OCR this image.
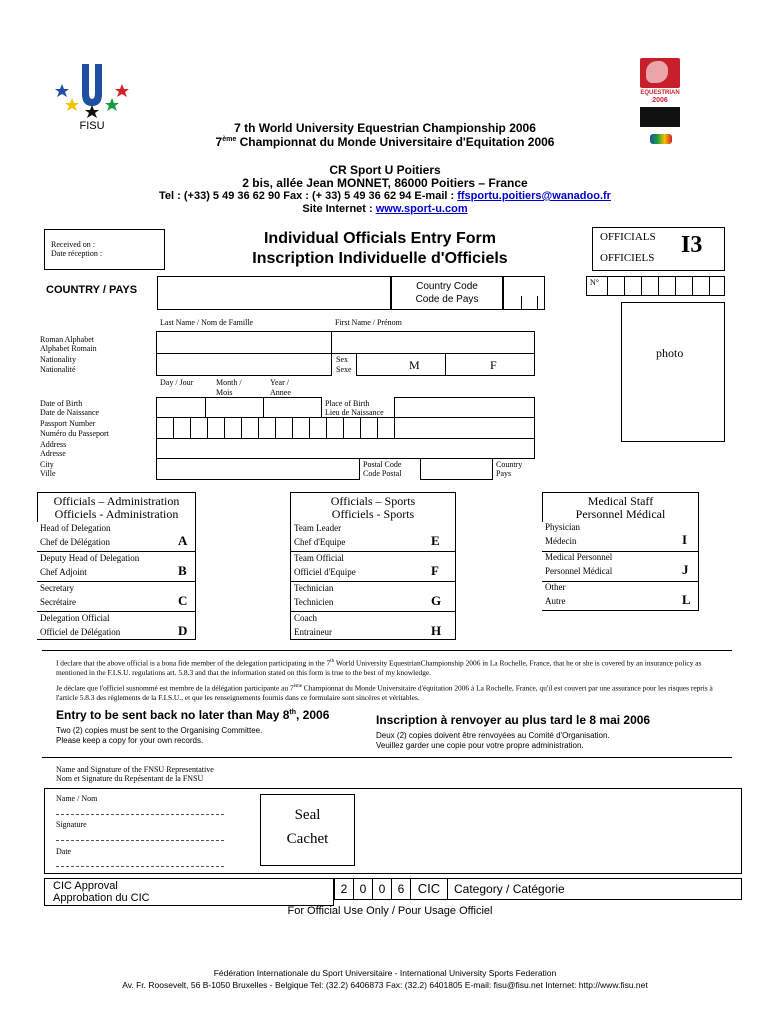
FISU
EQUESTRIAN
2006
7 th World University Equestrian Championship 2006
7ème Championnat du Monde Universitaire d'Equitation 2006
CR Sport U Poitiers
2 bis, allée Jean MONNET, 86000 Poitiers – France
Tel : (+33) 5 49 36 62 90 Fax : (+ 33) 5 49 36 62 94 E-mail : ffsportu.poitiers@wanadoo.fr
Site Internet : www.sport-u.com
Received on :
Date réception :
Individual Officials Entry Form
Inscription Individuelle d'Officiels
OFFICIALS
OFFICIELS I3
COUNTRY / PAYS	Country Code
Code de Pays
N°
photo
Last Name / Nom de Famille	First Name / Prénom
Roman Alphabet
Alphabet Romain
Nationality
Nationalité
Sex
Sexe	M	F
Day / Jour	Month /
Mois
Year /
Annee
Date of Birth
Date de Naissance
Place of Birth
Lieu de Naissance
Passport Number
Numéro du Passeport
Address
Adresse
City
Ville
Postal Code
Code Postal
Country
Pays
Officials – Administration
Officiels - Administration
Head of Delegation
Chef de Délégation	A
Deputy Head of Delegation
Chef Adjoint	B
Secretary
Secrétaire	C
Delegation Official
Officiel de Délégation	D
Officials – Sports
Officiels - Sports
Team Leader
Chef d'Equipe	E
Team Official
Officiel d'Equipe	F
Technician
Technicien	G
Coach
Entraineur	H
Medical Staff
Personnel Médical
Physician
Médecin	I
Medical Personnel
Personnel Médical	J
Other
Autre	L
I declare that the above official is a bona fide member of the delegation participating in the 7th World University EquestrianChampionship 2006 in La Rochelle, France, that he or she is covered by an insurance policy as mentioned in the F.I.S.U. regulations art. 5.8.3 and that the information stated on this form is true to the best of my knowledge.
Je déclare que l'officiel susnommé est membre de la délégation participante au 7ème Championnat du Monde Universitaire d'équitation 2006 à La Rochelle, France, qu'il est couvert par une assurance pour les risques repris à l'article 5.8.3 des règlements de la F.I.S.U., et que les renseignements fournis dans ce formulaire sont sincères et véritables.
Entry to be sent back no later than May 8th, 2006
Two (2) copies must be sent to the Organising Committee.
Please keep a copy for your own records.
Inscription à renvoyer au plus tard le 8 mai 2006
Deux (2) copies doivent être renvoyées au Comité d'Organisation.
Veuillez garder une copie pour votre propre administration.
Name and Signature of the FNSU Representative
Nom et Signature du Repésentant de la FNSU
Name / Nom
Signature
Date
Seal
Cachet
CIC Approval
Approbation du CIC
2	0	0	6	CIC	Category / Catégorie
For Official Use Only / Pour Usage Officiel
Fédération Internationale du Sport Universitaire - International University Sports Federation
Av. Fr. Roosevelt, 56 B-1050 Bruxelles - Belgique Tel: (32.2) 6406873 Fax: (32.2) 6401805 E-mail: fisu@fisu.net Internet: http://www.fisu.net
